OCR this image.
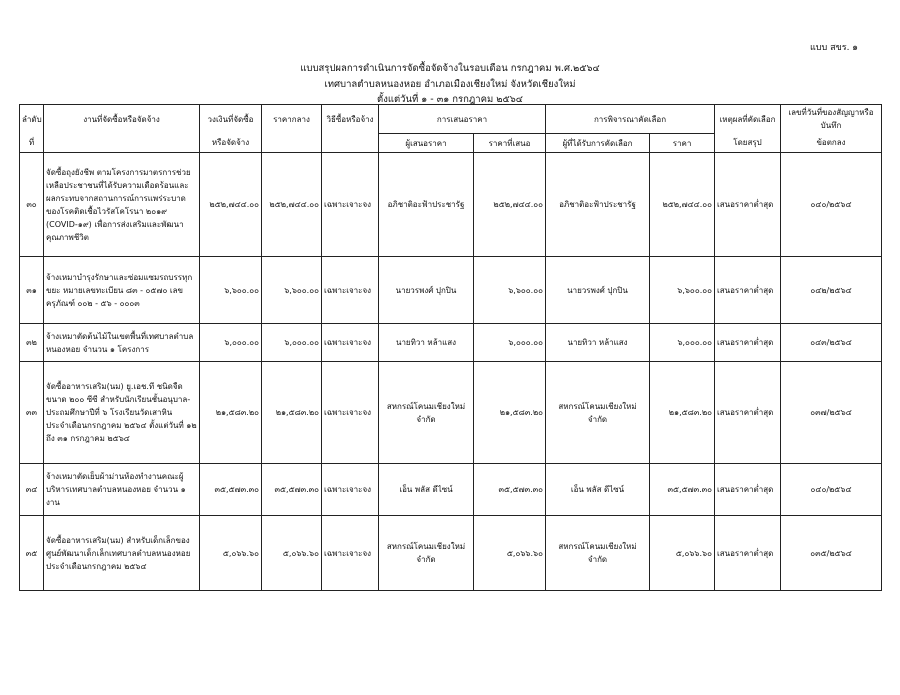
แบบ สขร. ๑
แบบสรุปผลการดำเนินการจัดซื้อจัดจ้างในรอบเดือน กรกฎาคม พ.ศ.๒๕๖๔
เทศบาลตำบลหนองหอย อำเภอเมืองเชียงใหม่ จังหวัดเชียงใหม่
ตั้งแต่วันที่ ๑ - ๓๑ กรกฎาคม ๒๕๖๔
ลำดับ	งานที่จัดซื้อหรือจัดจ้าง	วงเงินที่จัดซื้อ	ราคากลาง	วิธีซื้อหรือจ้าง	การเสนอราคา		การพิจารณาคัดเลือก		เหตุผลที่คัดเลือก	เลขที่วันที่ของสัญญาหรือบันทึก
ที่		หรือจัดจ้าง			ผู้เสนอราคา	ราคาที่เสนอ	ผู้ที่ได้รับการคัดเลือก	ราคา	โดยสรุป	ข้อตกลง
๓๐	จัดซื้อถุงยังชีพ ตามโครงการมาตรการช่วยเหลือประชาชนที่ได้รับความเดือดร้อนและผลกระทบจากสถานการณ์การแพร่ระบาดของโรคติดเชื้อไวรัสโคโรนา ๒๐๑๙ (COVID-๑๙) เพื่อการส่งเสริมและพัฒนาคุณภาพชีวิต	๒๕๒,๗๔๔.๐๐	๒๕๒,๗๔๔.๐๐	เฉพาะเจาะจง	อภิชาติอะฟ้าประชารัฐ	๒๕๒,๗๔๔.๐๐	อภิชาติอะฟ้าประชารัฐ	๒๕๒,๗๔๔.๐๐	เสนอราคาต่ำสุด	๐๔๐/๒๕๖๔
๓๑	จ้างเหมาบำรุงรักษาและซ่อมแซมรถบรรทุกขยะ หมายเลขทะเบียน ๘๓ - ๐๕๗๐ เลขครุภัณฑ์ ๐๐๒ - ๕๖ - ๐๐๐๓	๖,๖๐๐.๐๐	๖,๖๐๐.๐๐	เฉพาะเจาะจง	นายวรพงศ์ ปุกปิน	๖,๖๐๐.๐๐	นายวรพงศ์ ปุกปิน	๖,๖๐๐.๐๐	เสนอราคาต่ำสุด	๐๔๒/๒๕๖๔
๓๒	จ้างเหมาตัดต้นไม้ในเขตพื้นที่เทศบาลตำบลหนองหอย จำนวน ๑ โครงการ	๖,๐๐๐.๐๐	๖,๐๐๐.๐๐	เฉพาะเจาะจง	นายทิวา หล้าแสง	๖,๐๐๐.๐๐	นายทิวา หล้าแสง	๖,๐๐๐.๐๐	เสนอราคาต่ำสุด	๐๔๓/๒๕๖๔
๓๓	จัดซื้ออาหารเสริม(นม) ยู.เอช.ที ชนิดจืด ขนาด ๒๐๐ ซีซี สำหรับนักเรียนชั้นอนุบาล-ประถมศึกษาปีที่ ๖ โรงเรียนวัดเสาหิน ประจำเดือนกรกฎาคม ๒๕๖๔ ตั้งแต่วันที่ ๑๒ ถึง ๓๑ กรกฎาคม ๒๕๖๔	๒๑,๕๘๓.๒๐	๒๑,๕๘๓.๒๐	เฉพาะเจาะจง	สหกรณ์โคนมเชียงใหม่ จำกัด	๒๑,๕๘๓.๒๐	สหกรณ์โคนมเชียงใหม่ จำกัด	๒๑,๕๘๓.๒๐	เสนอราคาต่ำสุด	๐๓๗/๒๕๖๔
๓๔	จ้างเหมาตัดเย็บผ้าม่านห้องทำงานคณะผู้บริหารเทศบาลตำบลหนองหอย จำนวน ๑ งาน	๓๕,๕๗๓.๓๐	๓๕,๕๗๓.๓๐	เฉพาะเจาะจง	เอ็น พลัส ดีไซน์	๓๕,๕๗๓.๓๐	เอ็น พลัส ดีไซน์	๓๕,๕๗๓.๓๐	เสนอราคาต่ำสุด	๐๔๐/๒๕๖๔
๓๕	จัดซื้ออาหารเสริม(นม) สำหรับเด็กเล็กของศูนย์พัฒนาเด็กเล็กเทศบาลตำบลหนองหอย ประจำเดือนกรกฎาคม ๒๕๖๔	๕,๐๖๖.๖๐	๕,๐๖๖.๖๐	เฉพาะเจาะจง	สหกรณ์โคนมเชียงใหม่ จำกัด	๕,๐๖๖.๖๐	สหกรณ์โคนมเชียงใหม่ จำกัด	๕,๐๖๖.๖๐	เสนอราคาต่ำสุด	๐๓๕/๒๕๖๔
